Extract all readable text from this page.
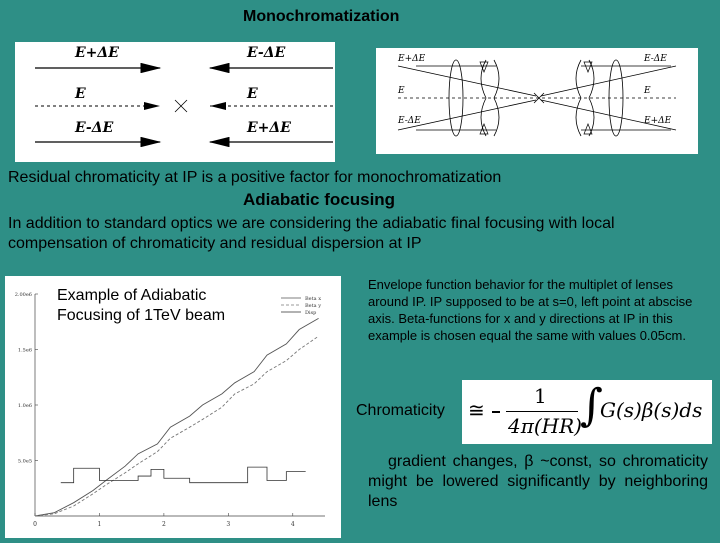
Monochromatization
E+ΔE
E
E-ΔE
E-ΔE
E
E+ΔE
E+ΔE
E
E-ΔE
E-ΔE
E
E+ΔE
Residual chromaticity at IP is a positive factor for monochromatization
Adiabatic focusing
In addition to standard optics we are considering the adiabatic final focusing with local compensation of chromaticity and residual dispersion at IP
0	1	2	3	4
2.00e6
1.5e6
1.0e6
5.0e5
Beta x
Beta y
Disp
Example of Adiabatic Focusing of 1TeV beam
Envelope function behavior for the multiplet of lenses around IP. IP supposed to be at s=0, left point at abscise axis. Beta-functions for x and y directions at IP in this example is chosen equal the same with values 0.05cm.
Chromaticity ≅
1
4π(HR)
∫
G(s)β(s)ds
gradient changes, β ~const, so chromaticity might be lowered significantly by neighboring lens
